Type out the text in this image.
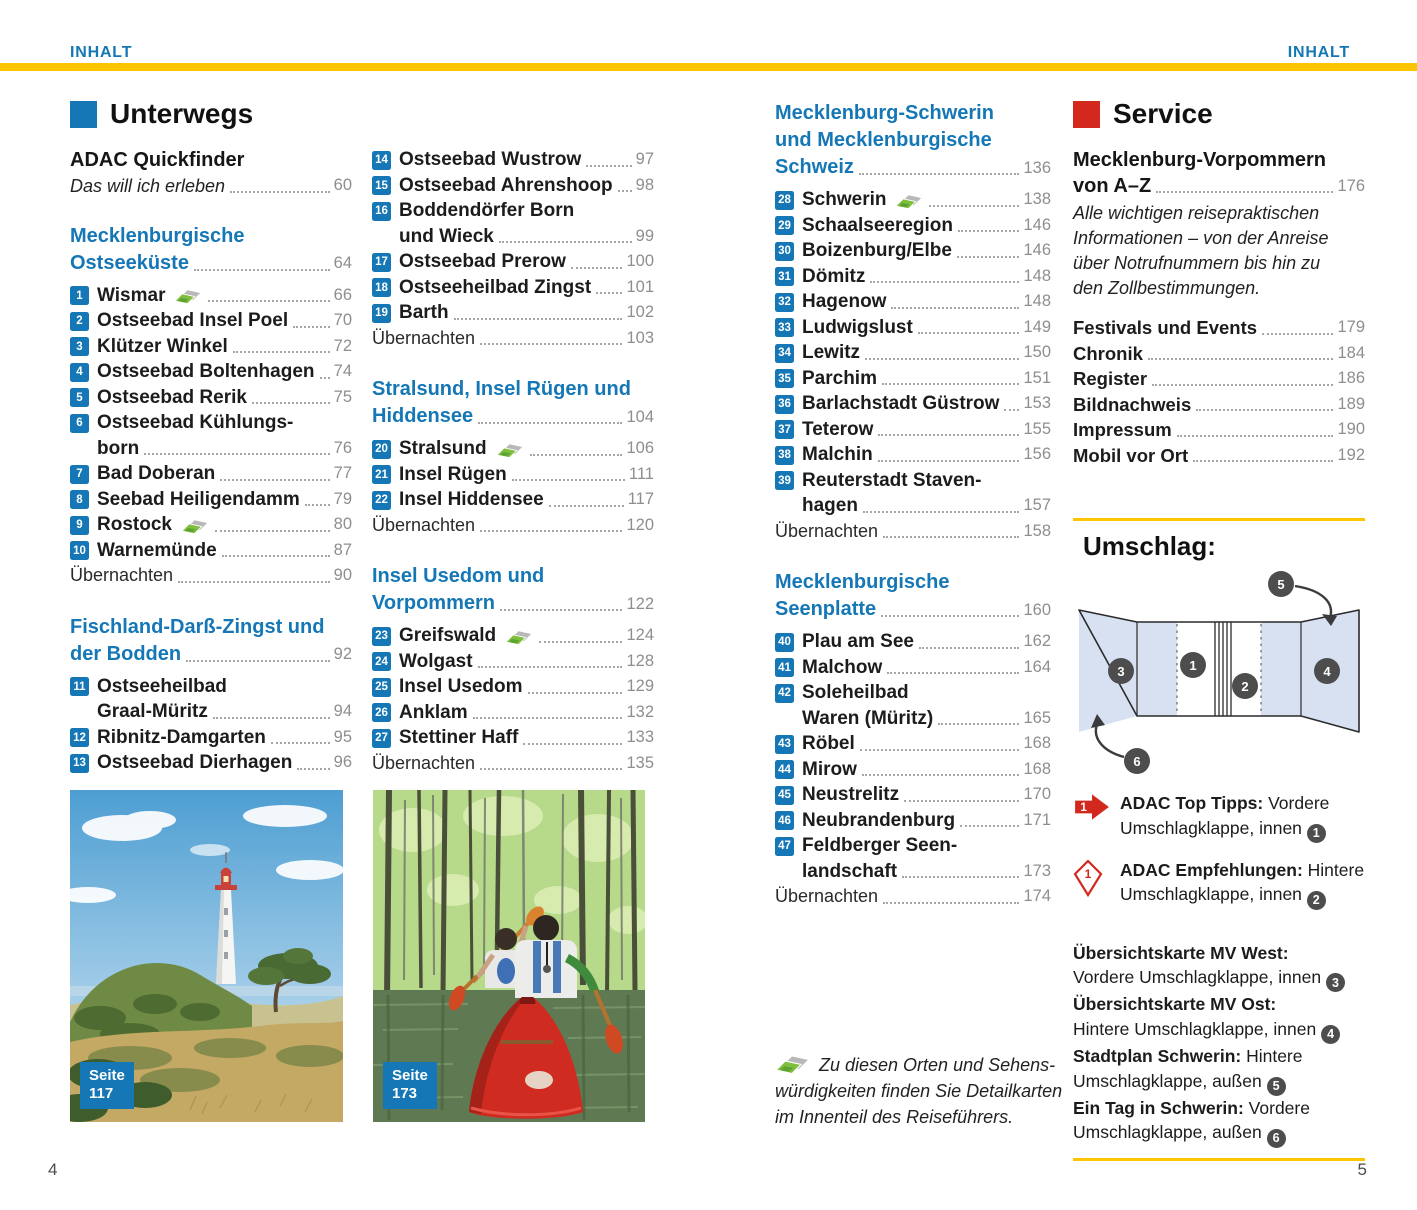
INHALT	INHALT
Unterwegs	Service
ADAC Quickfinder
Das will ich erleben	60
Mecklenburgische
Ostseeküste	64
1 Wismar	66
2 Ostseebad Insel Poel	70
3 Klützer Winkel	72
4 Ostseebad Boltenhagen 74
5 Ostseebad Rerik	75
6 Ostseebad Kühlungs-
born	76
7 Bad Doberan	77
8 Seebad Heiligendamm 79
9 Rostock	80
10 Warnemünde	87
Übernachten	90
Fischland-Darß-Zingst und
der Bodden	92
11 Ostseeheilbad
Graal-Müritz	94
12 Ribnitz-Damgarten	95
13 Ostseebad Dierhagen	96
14 Ostseebad Wustrow	97
15 Ostseebad Ahrenshoop 98
16 Boddendörfer Born
und Wieck	99
17 Ostseebad Prerow	100
18 Ostseeheilbad Zingst 101
19 Barth	102
Übernachten	103
Stralsund, Insel Rügen und
Hiddensee	104
20 Stralsund	106
21 Insel Rügen	111
22 Insel Hiddensee	117
Übernachten	120
Insel Usedom und
Vorpommern	122
23 Greifswald	124
24 Wolgast	128
25 Insel Usedom	129
26 Anklam	132
27 Stettiner Haff	133
Übernachten	135
Mecklenburg-Schwerin
und Mecklenburgische
Schweiz	136
28 Schwerin	138
29 Schaalseeregion	146
30 Boizenburg/Elbe	146
31 Dömitz	148
32 Hagenow	148
33 Ludwigslust	149
34 Lewitz	150
35 Parchim	151
36 Barlachstadt Güstrow 153
37 Teterow	155
38 Malchin	156
39 Reuterstadt Staven-
hagen	157
Übernachten	158
Mecklenburgische
Seenplatte	160
40 Plau am See	162
41 Malchow	164
42 Soleheilbad
Waren (Müritz)	165
43 Röbel	168
44 Mirow	168
45 Neustrelitz	170
46 Neubrandenburg	171
47 Feldberger Seen-
landschaft	173
Übernachten	174
Mecklenburg-Vorpommern
von A–Z	176
Alle wichtigen reisepraktischen
Informationen – von der Anreise
über Notrufnummern bis hin zu
den Zollbestimmungen.
Festivals und Events	179
Chronik	184
Register	186
Bildnachweis	189
Impressum	190
Mobil vor Ort	192
Umschlag:
3	1
2
4
5
6
1 ADAC Top Tipps: Vordere Umschlagklappe, innen 1
1 ADAC Empfehlungen: Hintere Umschlagklappe, innen 2
Übersichtskarte MV West:
Vordere Umschlagklappe, innen 3
Übersichtskarte MV Ost:
Hintere Umschlagklappe, innen 4
Stadtplan Schwerin: Hintere Umschlagklappe, außen 5
Ein Tag in Schwerin: Vordere Umschlagklappe, außen 6
Seite
117
Seite
173
Zu diesen Orten und Sehens-
würdigkeiten finden Sie Detailkarten
im Innenteil des Reiseführers.
4	5
